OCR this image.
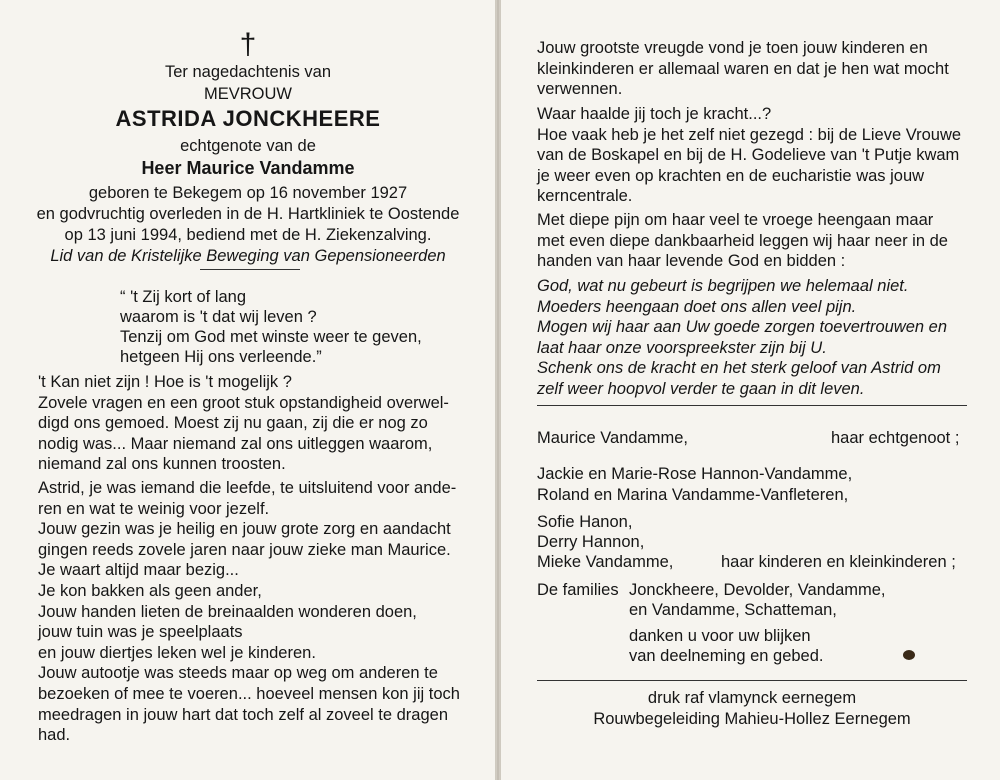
†
Ter nagedachtenis van
MEVROUW
ASTRIDA JONCKHEERE
echtgenote van de
Heer Maurice Vandamme
geboren te Bekegem op 16 november 1927
en godvruchtig overleden in de H. Hartkliniek te Oostende
op 13 juni 1994, bediend met de H. Ziekenzalving.
Lid van de Kristelijke Beweging van Gepensioneerden
“ 't Zij kort of lang
waarom is 't dat wij leven ?
Tenzij om God met winste weer te geven,
hetgeen Hij ons verleende.”
't Kan niet zijn ! Hoe is 't mogelijk ?
Zovele vragen en een groot stuk opstandigheid overwel-
digd ons gemoed. Moest zij nu gaan, zij die er nog zo
nodig was... Maar niemand zal ons uitleggen waarom,
niemand zal ons kunnen troosten.
Astrid, je was iemand die leefde, te uitsluitend voor ande-
ren en wat te weinig voor jezelf.
Jouw gezin was je heilig en jouw grote zorg en aandacht
gingen reeds zovele jaren naar jouw zieke man Maurice.
Je waart altijd maar bezig...
Je kon bakken als geen ander,
Jouw handen lieten de breinaalden wonderen doen,
jouw tuin was je speelplaats
en jouw diertjes leken wel je kinderen.
Jouw autootje was steeds maar op weg om anderen te
bezoeken of mee te voeren... hoeveel mensen kon jij toch
meedragen in jouw hart dat toch zelf al zoveel te dragen
had.
Jouw grootste vreugde vond je toen jouw kinderen en
kleinkinderen er allemaal waren en dat je hen wat mocht
verwennen.
Waar haalde jij toch je kracht...?
Hoe vaak heb je het zelf niet gezegd : bij de Lieve Vrouwe
van de Boskapel en bij de H. Godelieve van 't Putje kwam
je weer even op krachten en de eucharistie was jouw
kerncentrale.
Met diepe pijn om haar veel te vroege heengaan maar
met even diepe dankbaarheid leggen wij haar neer in de
handen van haar levende God en bidden :
God, wat nu gebeurt is begrijpen we helemaal niet.
Moeders heengaan doet ons allen veel pijn.
Mogen wij haar aan Uw goede zorgen toevertrouwen en
laat haar onze voorspreekster zijn bij U.
Schenk ons de kracht en het sterk geloof van Astrid om
zelf weer hoopvol verder te gaan in dit leven.
Maurice Vandamme,	haar echtgenoot ;
Jackie en Marie-Rose Hannon-Vandamme,
Roland en Marina Vandamme-Vanfleteren,
Sofie Hanon,
Derry Hannon,
Mieke Vandamme,	haar kinderen en kleinkinderen ;
De families Jonckheere, Devolder, Vandamme,
en Vandamme, Schatteman,
danken u voor uw blijken
van deelneming en gebed.
druk raf vlamynck eernegem
Rouwbegeleiding Mahieu-Hollez Eernegem
